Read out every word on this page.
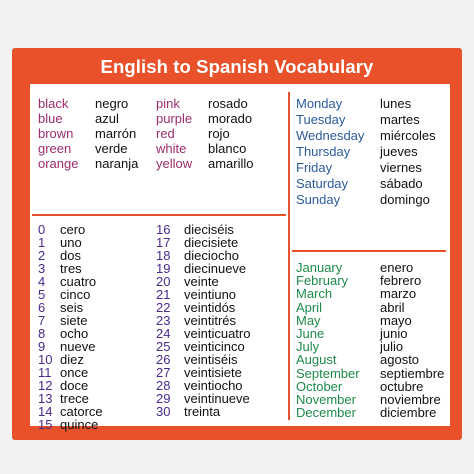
English to Spanish Vocabulary
black negro
blue azul
brown marrón
green verde
orange naranja
pink rosado
purple morado
red	rojo
white blanco
yellow amarillo
0 cero
1 uno
2 dos
3 tres
4 cuatro
5 cinco
6 seis
7 siete
8 ocho
9 nueve
10 diez
11 once
12 doce
13 trece
14 catorce
15 quince
16 dieciséis
17 diecisiete
18 dieciocho
19 diecinueve
20 veinte
21 veintiuno
22 veintidós
23 veintitrés
24 veinticuatro
25 veinticinco
26 veintiséis
27 veintisiete
28 veintiocho
29 veintinueve
30 treinta
Monday	lunes
Tuesday	martes
Wednesday miércoles
Thursday jueves
Friday	viernes
Saturday sábado
Sunday	domingo
January	enero
February febrero
March	marzo
April	abril
May	mayo
June	junio
July	julio
August	agosto
September septiembre
October	octubre
November noviembre
December diciembre
